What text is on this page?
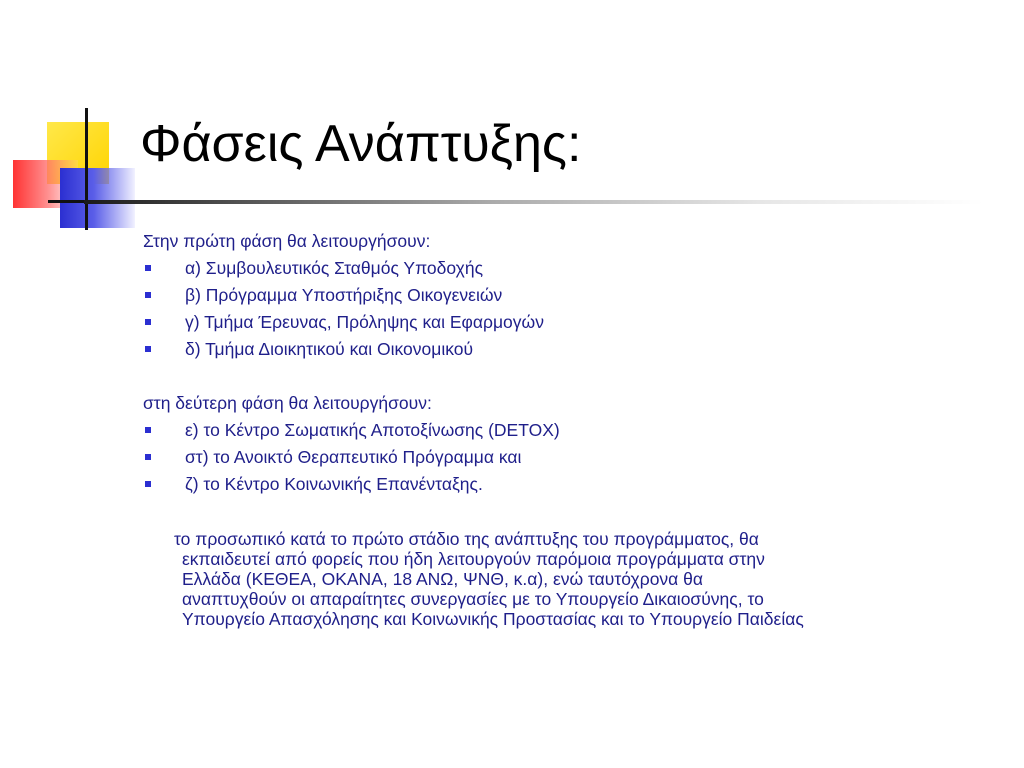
Φάσεις Ανάπτυξης:
Στην πρώτη φάση θα λειτουργήσουν:
α) Συμβουλευτικός Σταθμός Υποδοχής
β) Πρόγραμμα Υποστήριξης Οικογενειών
γ) Τμήμα Έρευνας, Πρόληψης και Εφαρμογών
δ) Τμήμα Διοικητικού και Οικονομικού
στη δεύτερη φάση θα λειτουργήσουν:
ε) το Κέντρο Σωματικής Αποτοξίνωσης (DETOX)
στ) το Ανοικτό Θεραπευτικό Πρόγραμμα και
ζ) το Κέντρο Κοινωνικής Επανένταξης.
το προσωπικό κατά το πρώτο στάδιο της ανάπτυξης του προγράμματος, θα
εκπαιδευτεί από φορείς που ήδη λειτουργούν παρόμοια προγράμματα στην
Ελλάδα (ΚΕΘΕΑ, ΟΚΑΝΑ, 18 ΑΝΩ, ΨΝΘ, κ.α), ενώ ταυτόχρονα θα
αναπτυχθούν οι απαραίτητες συνεργασίες με το Υπουργείο Δικαιοσύνης, το
Υπουργείο Απασχόλησης και Κοινωνικής Προστασίας και το Υπουργείο Παιδείας
